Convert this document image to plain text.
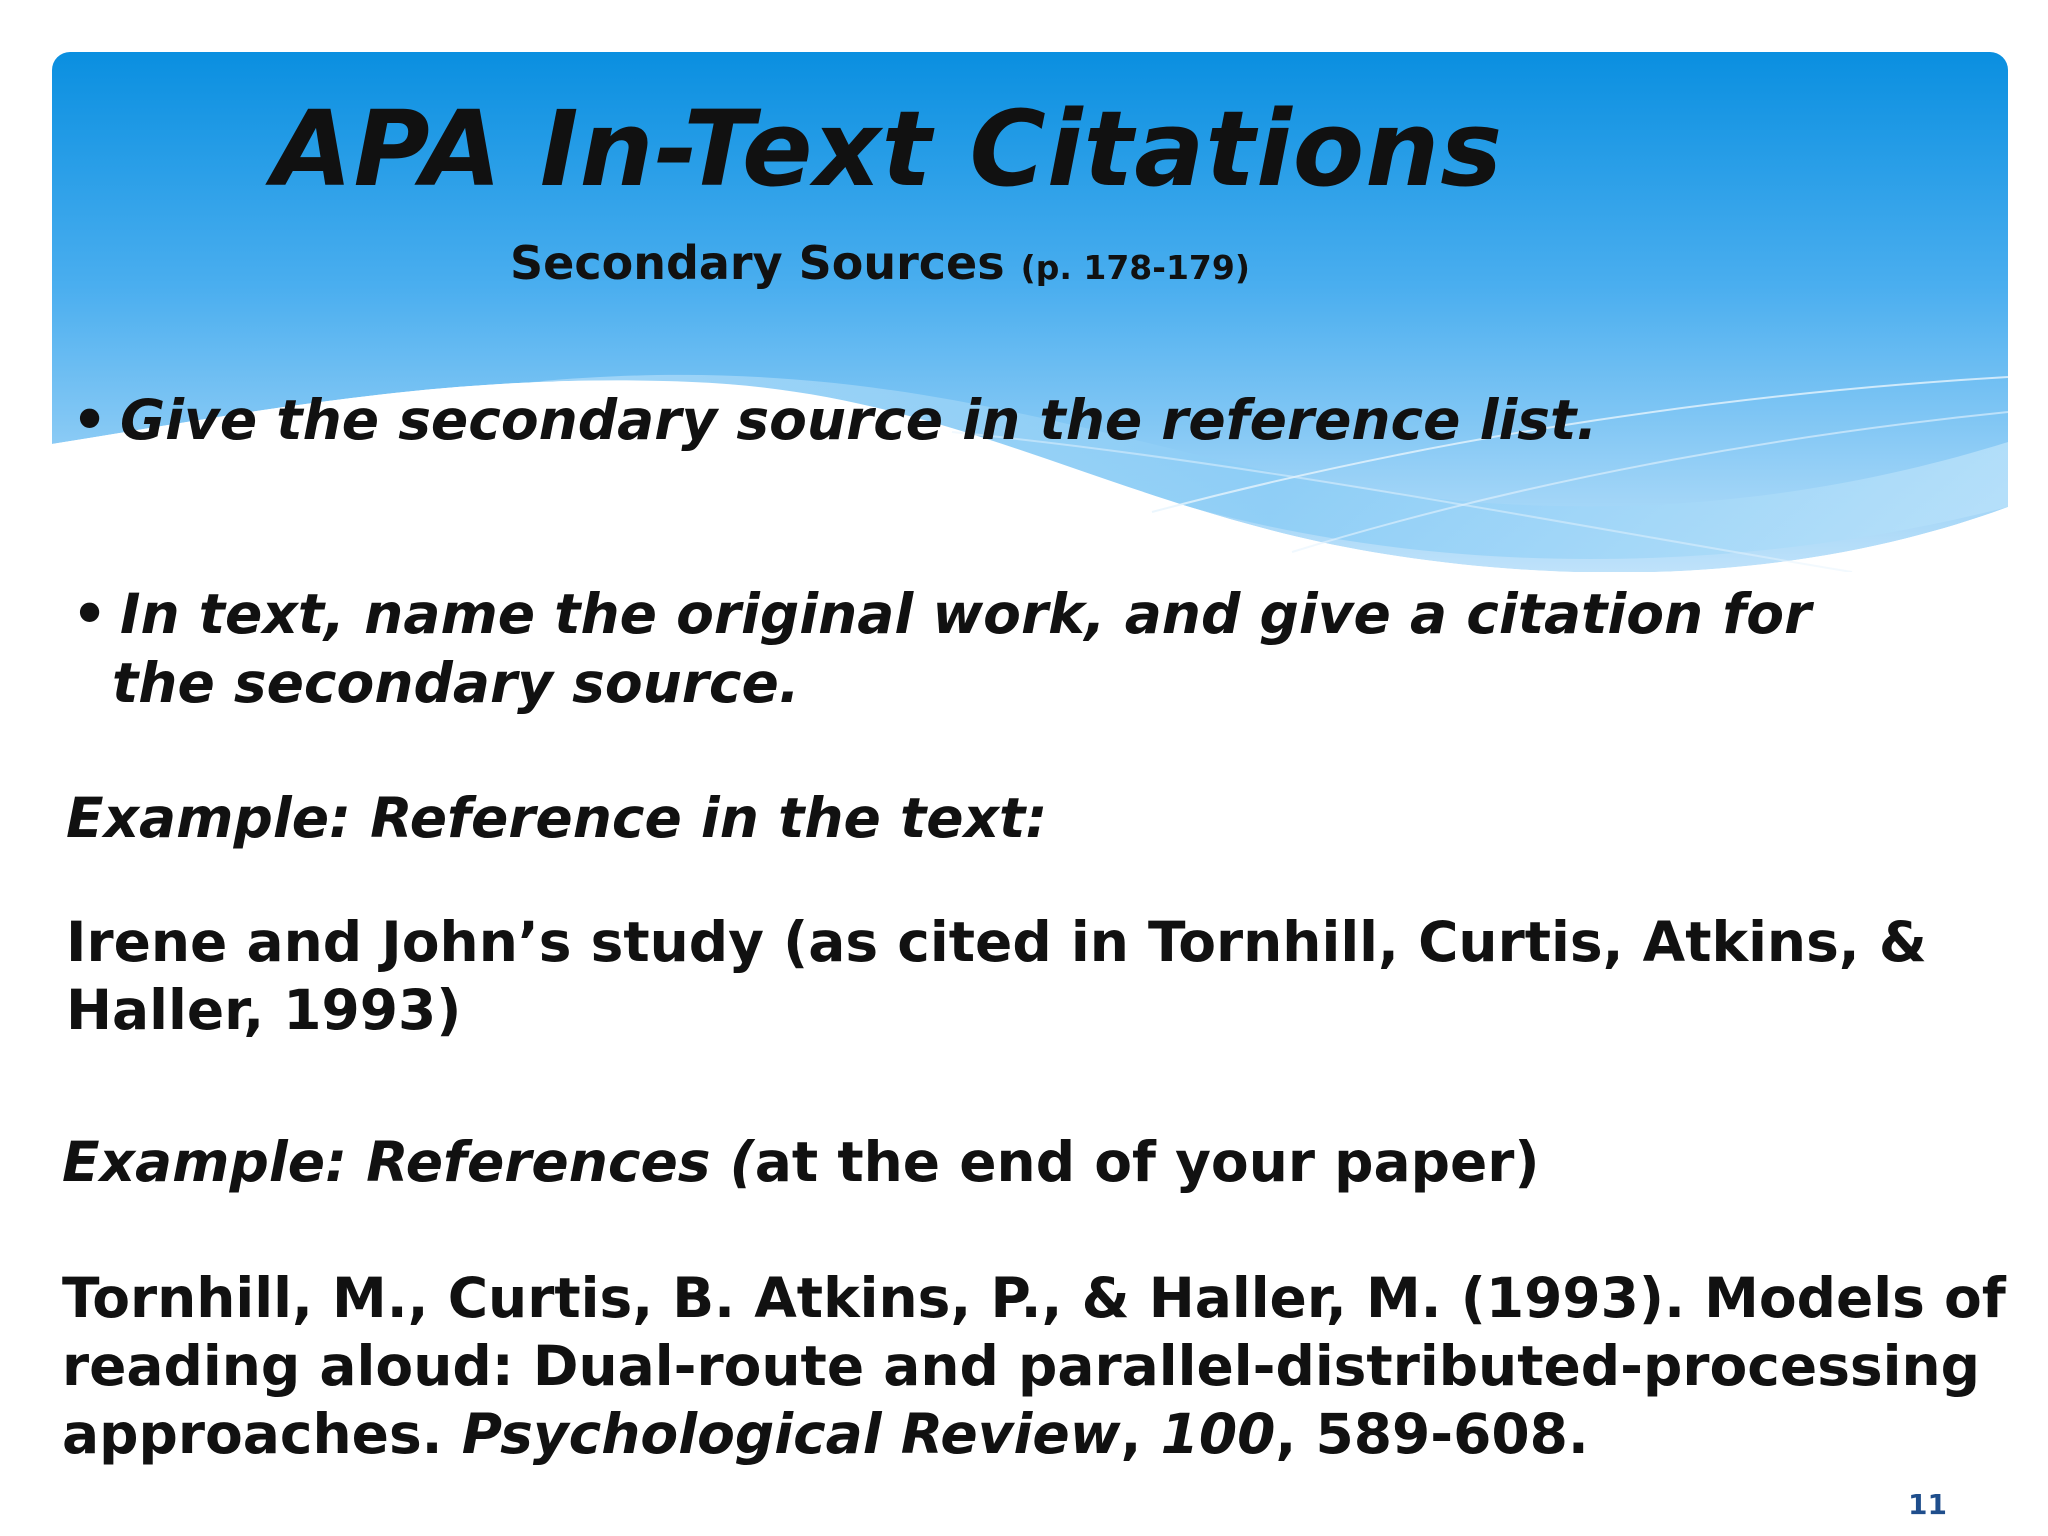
APA In-Text Citations
Secondary Sources (p. 178-179)
• Give the secondary source in the reference list.
• In text, name the original work, and give a citation for
the secondary source.
Example: Reference in the text:
Irene and John’s study (as cited in Tornhill, Curtis, Atkins, & Haller, 1993)
Example: References (at the end of your paper)
Tornhill, M., Curtis, B. Atkins, P., & Haller, M. (1993). Models of reading aloud: Dual-route and parallel-distributed-processing approaches. Psychological Review, 100, 589-608.
11
